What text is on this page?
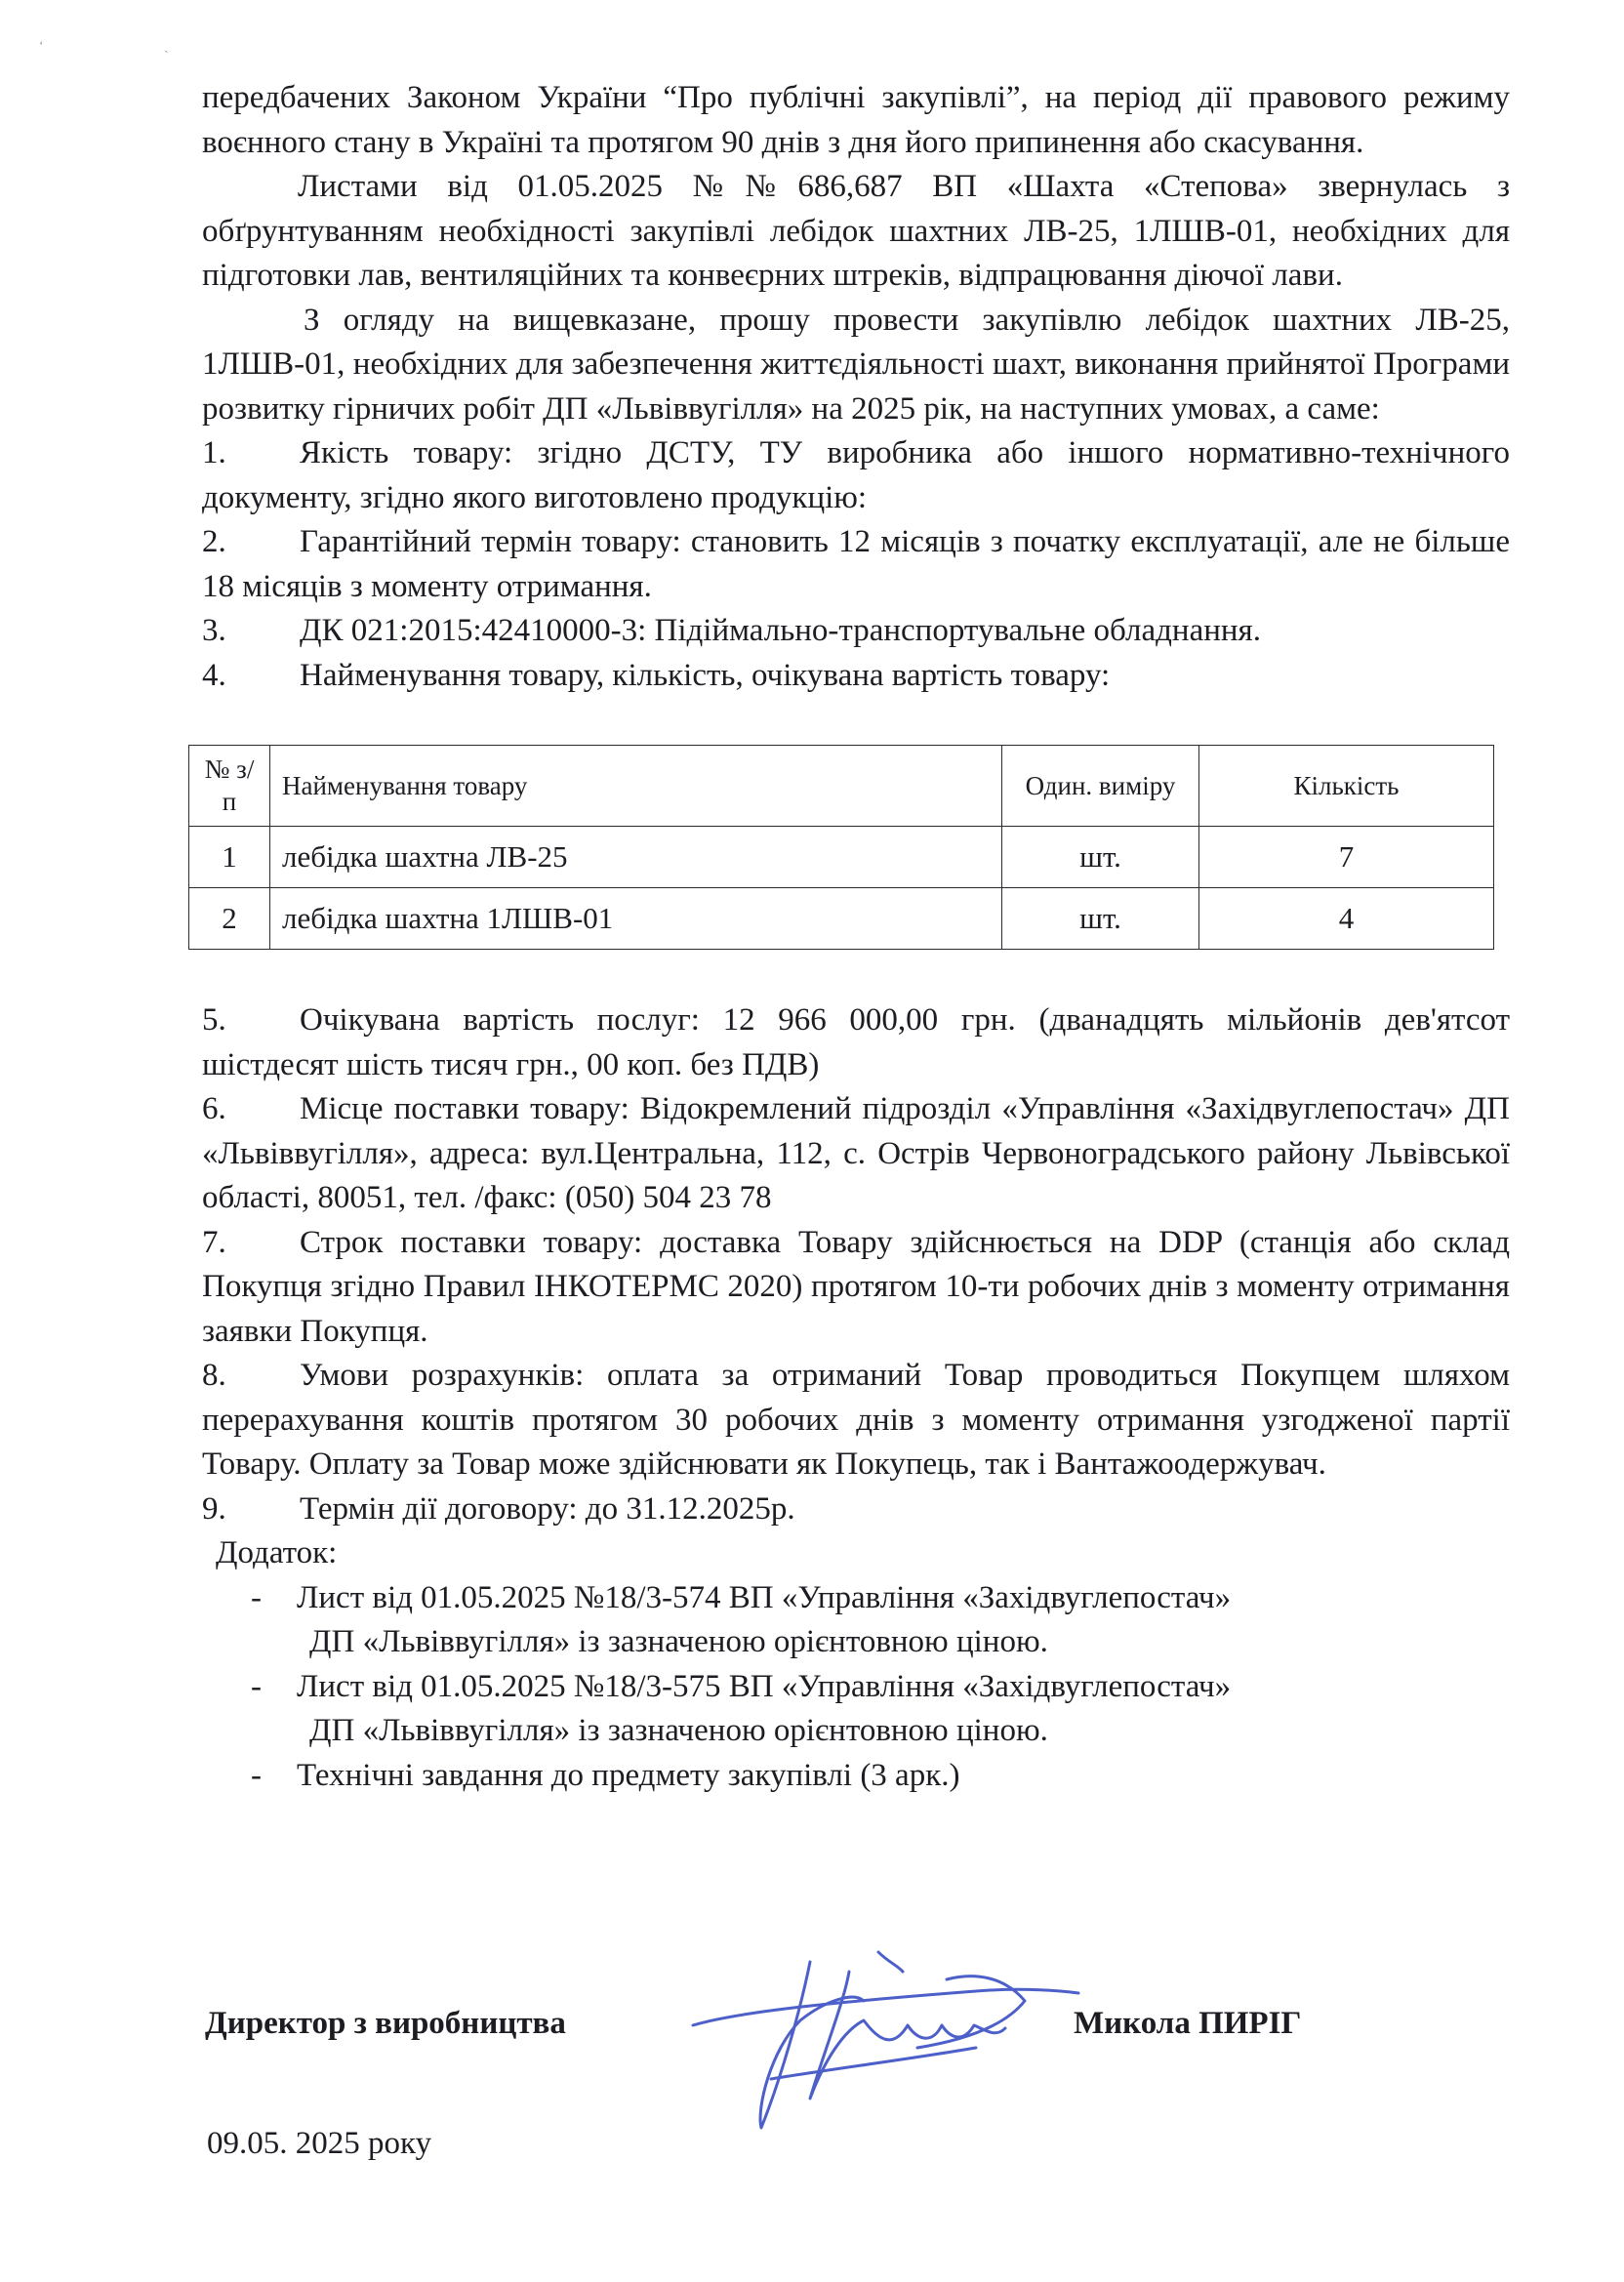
ʻ ˏ

передбачених Законом України “Про публічні закупівлі”, на період дії правового режиму воєнного стану в Україні та протягом 90 днів з дня його припинення або скасування.

Листами від 01.05.2025 №№686,687 ВП «Шахта «Степова» звернулась з обґрунтуванням необхідності закупівлі лебідок шахтних ЛВ-25, 1ЛШВ-01, необхідних для підготовки лав, вентиляційних та конвеєрних штреків, відпрацювання діючої лави.

З огляду на вищевказане, прошу провести закупівлю лебідок шахтних ЛВ-25, 1ЛШВ-01, необхідних для забезпечення життєдіяльності шахт, виконання прийнятої Програми розвитку гірничих робіт ДП «Львіввугілля» на 2025 рік, на наступних умовах, а саме:

1. Якість товару: згідно ДСТУ, ТУ виробника або іншого нормативно-технічного документу, згідно якого виготовлено продукцію:

2. Гарантійний термін товару: становить 12 місяців з початку експлуатації, але не більше 18 місяців з моменту отримання.

3. ДК 021:2015:42410000-3: Підіймально-транспортувальне обладнання.

4. Найменування товару, кількість, очікувана вартість товару:

№ з/п	Найменування товару	Один. виміру	Кількість
1	лебідка шахтна ЛВ-25	шт.	7
2	лебідка шахтна 1ЛШВ-01	шт.	4

5. Очікувана вартість послуг: 12 966 000,00 грн. (дванадцять мільйонів дев'ятсот шістдесят шість тисяч грн., 00 коп. без ПДВ)

6. Місце поставки товару: Відокремлений підрозділ «Управління «Західвуглепостач» ДП «Львіввугілля», адреса: вул.Центральна, 112, с. Острів Червоноградського району Львівської області, 80051, тел. /факс: (050) 504 23 78

7. Строк поставки товару: доставка Товару здійснюється на DDP (станція або склад Покупця згідно Правил ІНКОТЕРМС 2020) протягом 10-ти робочих днів з моменту отримання заявки Покупця.

8. Умови розрахунків: оплата за отриманий Товар проводиться Покупцем шляхом перерахування коштів протягом 30 робочих днів з моменту отримання узгодженої партії Товару. Оплату за Товар може здійснювати як Покупець, так і Вантажоодержувач.

9. Термін дії договору: до 31.12.2025р.

Додаток:

-	Лист від 01.05.2025 №18/3-574 ВП «Управління «Західвуглепостач»
ДП «Львіввугілля» із зазначеною орієнтовною ціною.
-	Лист від 01.05.2025 №18/3-575 ВП «Управління «Західвуглепостач»
ДП «Львіввугілля» із зазначеною орієнтовною ціною.
-	Технічні завдання до предмету закупівлі (3 арк.)
Директор з виробництва	Микола ПИРІГ
09.05. 2025 року
